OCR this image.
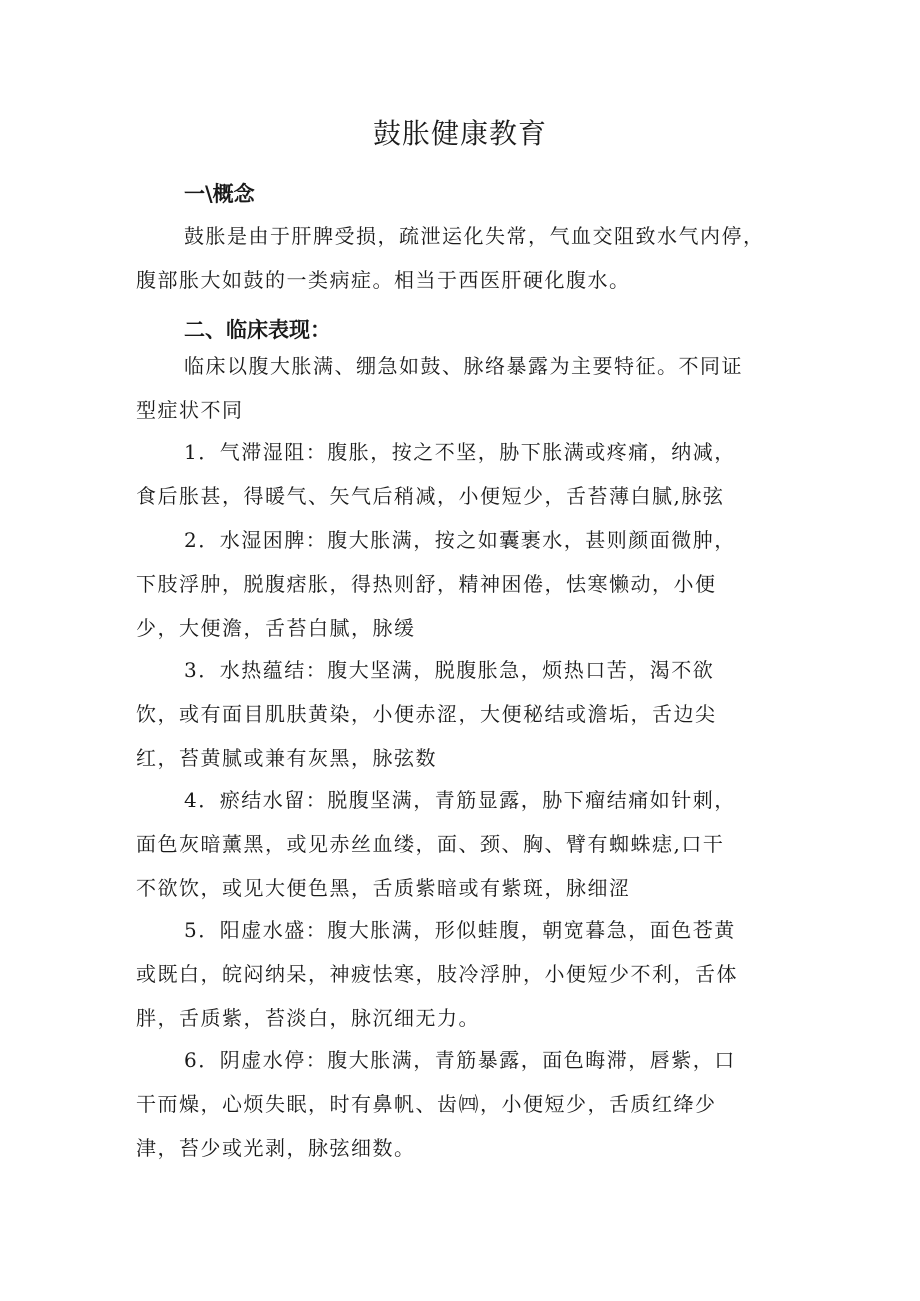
鼓胀健康教育
一\概念
鼓胀是由于肝脾受损，疏泄运化失常，气血交阻致水气内停，
腹部胀大如鼓的一类病症。相当于西医肝硬化腹水。
二、临床表现：
临床以腹大胀满、绷急如鼓、脉络暴露为主要特征。不同证
型症状不同
1．气滞湿阻：腹胀，按之不坚，胁下胀满或疼痛，纳减，
食后胀甚，得暖气、矢气后稍减，小便短少，舌苔薄白腻,脉弦
2．水湿困脾：腹大胀满，按之如囊裹水，甚则颜面微肿，
下肢浮肿，脱腹痞胀，得热则舒，精神困倦，怯寒懒动，小便
少，大便澹，舌苔白腻，脉缓
3．水热蕴结：腹大坚满，脱腹胀急，烦热口苦，渴不欲
饮，或有面目肌肤黄染，小便赤涩，大便秘结或澹垢，舌边尖
红，苔黄腻或兼有灰黑，脉弦数
4．瘀结水留：脱腹坚满，青筋显露，胁下瘤结痛如针刺，
面色灰暗薰黑，或见赤丝血缕，面、颈、胸、臂有蜘蛛痣,口干
不欲饮，或见大便色黑，舌质紫暗或有紫斑，脉细涩
5．阳虚水盛：腹大胀满，形似蛙腹，朝宽暮急，面色苍黄
或既白，皖闷纳呆，神疲怯寒，肢冷浮肿，小便短少不利，舌体
胖，舌质紫，苔淡白，脉沉细无力。
6．阴虚水停：腹大胀满，青筋暴露，面色晦滞，唇紫，口
干而燥，心烦失眠，时有鼻帆、齿㈣，小便短少，舌质红绛少
津，苔少或光剥，脉弦细数。
